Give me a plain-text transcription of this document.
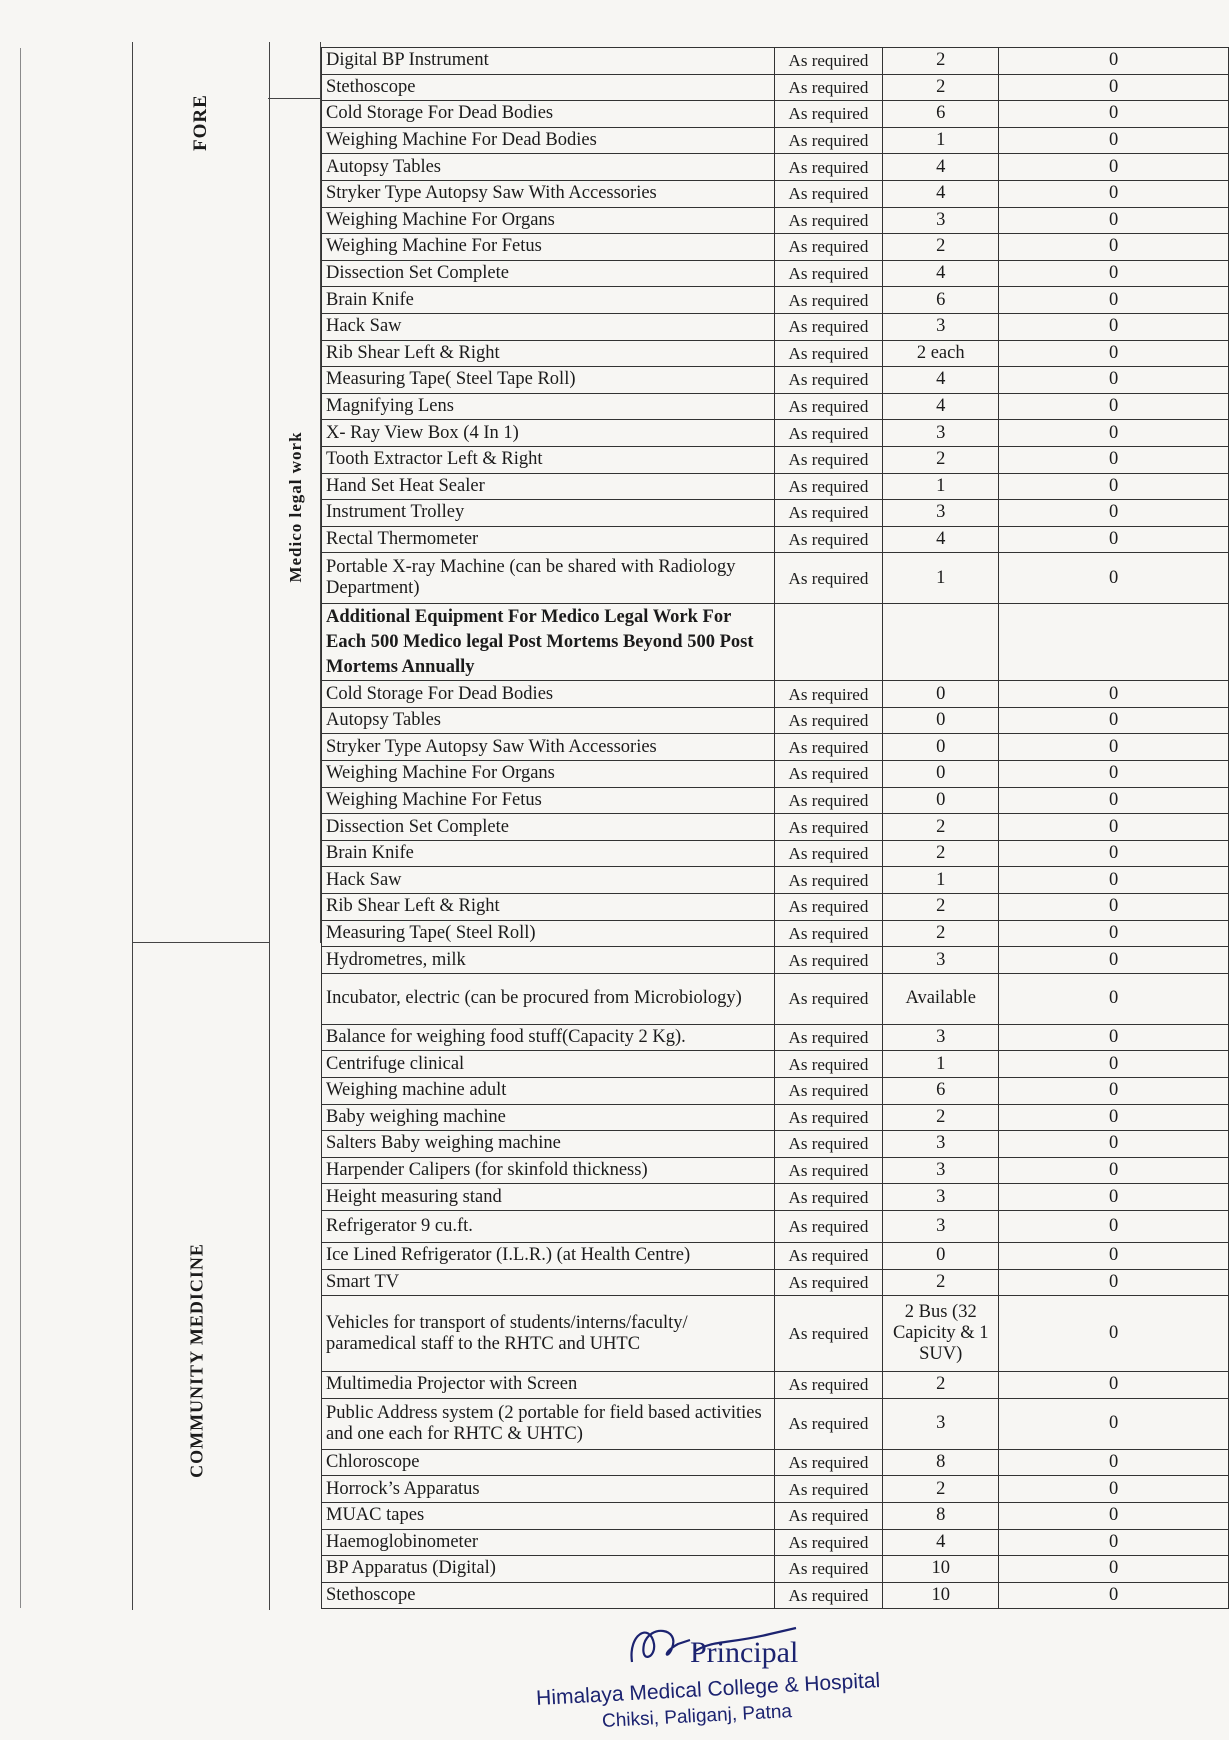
FORE
Medico legal work
COMMUNITY MEDICINE
Digital BP Instrument	As required	2	0
Stethoscope	As required	2	0
Cold Storage For Dead Bodies	As required	6	0
Weighing Machine For Dead Bodies	As required	1	0
Autopsy Tables	As required	4	0
Stryker Type Autopsy Saw With Accessories	As required	4	0
Weighing Machine For Organs	As required	3	0
Weighing Machine For Fetus	As required	2	0
Dissection Set Complete	As required	4	0
Brain Knife	As required	6	0
Hack Saw	As required	3	0
Rib Shear Left & Right	As required	2 each	0
Measuring Tape( Steel Tape Roll)	As required	4	0
Magnifying Lens	As required	4	0
X- Ray View Box (4 In 1)	As required	3	0
Tooth Extractor Left & Right	As required	2	0
Hand Set Heat Sealer	As required	1	0
Instrument Trolley	As required	3	0
Rectal Thermometer	As required	4	0
Portable X-ray Machine (can be shared with Radiology Department)	As required	1	0
Additional Equipment For Medico Legal Work For Each 500 Medico legal Post Mortems Beyond 500 Post Mortems Annually			
Cold Storage For Dead Bodies	As required	0	0
Autopsy Tables	As required	0	0
Stryker Type Autopsy Saw With Accessories	As required	0	0
Weighing Machine For Organs	As required	0	0
Weighing Machine For Fetus	As required	0	0
Dissection Set Complete	As required	2	0
Brain Knife	As required	2	0
Hack Saw	As required	1	0
Rib Shear Left & Right	As required	2	0
Measuring Tape( Steel Roll)	As required	2	0
Hydrometres, milk	As required	3	0
Incubator, electric (can be procured from Microbiology)	As required	Available	0
Balance for weighing food stuff(Capacity 2 Kg).	As required	3	0
Centrifuge clinical	As required	1	0
Weighing machine adult	As required	6	0
Baby weighing machine	As required	2	0
Salters Baby weighing machine	As required	3	0
Harpender Calipers (for skinfold thickness)	As required	3	0
Height measuring stand	As required	3	0
Refrigerator 9 cu.ft.	As required	3	0
Ice Lined Refrigerator (I.L.R.) (at Health Centre)	As required	0	0
Smart TV	As required	2	0
Vehicles for transport of students/interns/faculty/ paramedical staff to the RHTC and UHTC	As required	2 Bus (32 Capicity & 1 SUV)	0
Multimedia Projector with Screen	As required	2	0
Public Address system (2 portable for field based activities and one each for RHTC & UHTC)	As required	3	0
Chloroscope	As required	8	0
Horrock’s Apparatus	As required	2	0
MUAC tapes	As required	8	0
Haemoglobinometer	As required	4	0
BP Apparatus (Digital)	As required	10	0
Stethoscope	As required	10	0
Principal
Himalaya Medical College & Hospital
Chiksi, Paliganj, Patna
